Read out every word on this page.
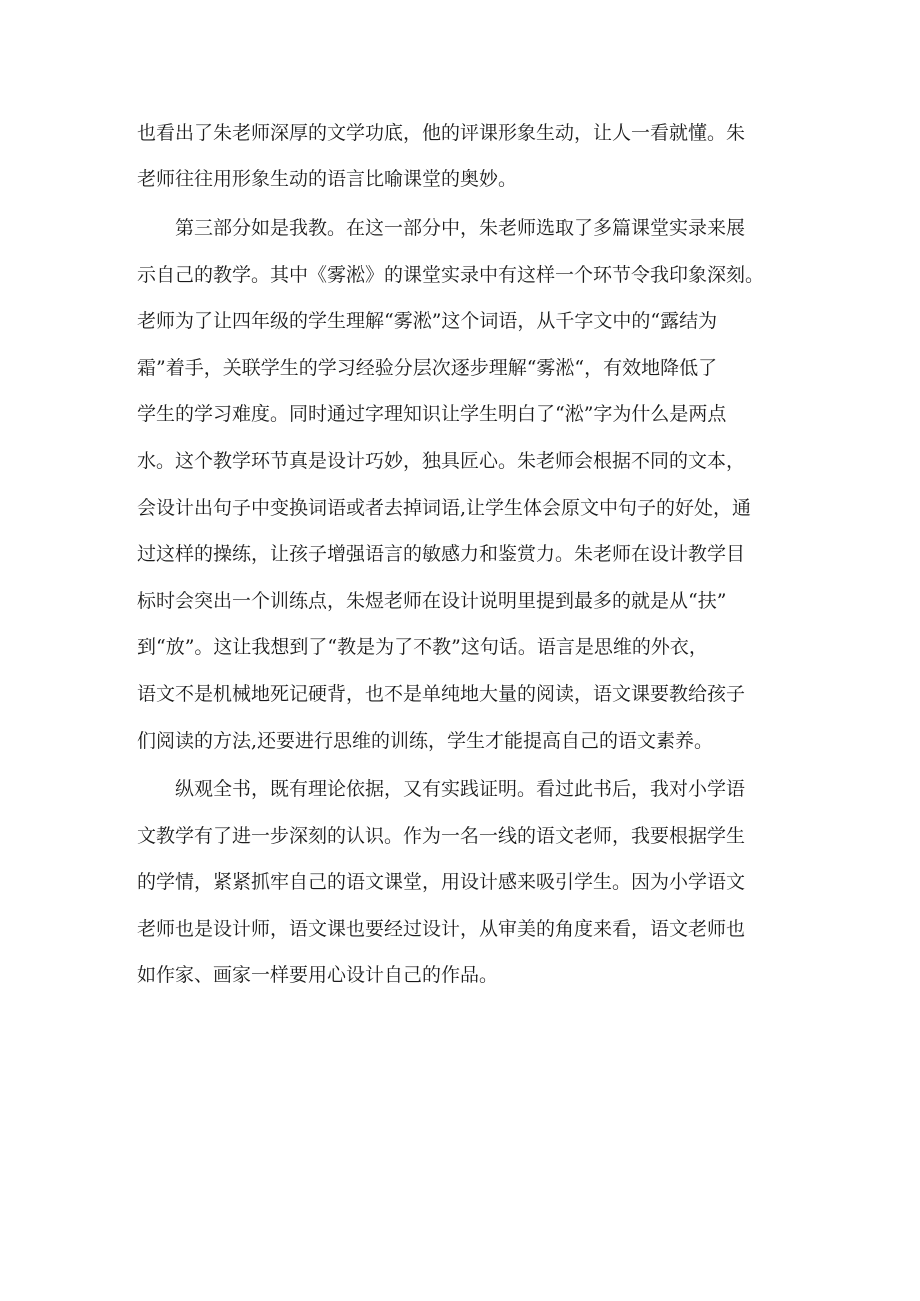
也看出了朱老师深厚的文学功底，他的评课形象生动，让人一看就懂。朱
老师往往用形象生动的语言比喻课堂的奥妙。
第三部分如是我教。在这一部分中，朱老师选取了多篇课堂实录来展
示自己的教学。其中《雾淞》的课堂实录中有这样一个环节令我印象深刻。
老师为了让四年级的学生理解“雾淞”这个词语，从千字文中的“露结为
霜”着手，关联学生的学习经验分层次逐步理解“雾淞“，有效地降低了
学生的学习难度。同时通过字理知识让学生明白了“淞”字为什么是两点
水。这个教学环节真是设计巧妙，独具匠心。朱老师会根据不同的文本，
会设计出句子中变换词语或者去掉词语,让学生体会原文中句子的好处，通
过这样的操练，让孩子增强语言的敏感力和鉴赏力。朱老师在设计教学目
标时会突出一个训练点，朱煜老师在设计说明里提到最多的就是从“扶”
到“放”。这让我想到了“教是为了不教”这句话。语言是思维的外衣，
语文不是机械地死记硬背，也不是单纯地大量的阅读，语文课要教给孩子
们阅读的方法,还要进行思维的训练，学生才能提高自己的语文素养。
纵观全书，既有理论依据，又有实践证明。看过此书后，我对小学语
文教学有了进一步深刻的认识。作为一名一线的语文老师，我要根据学生
的学情，紧紧抓牢自己的语文课堂，用设计感来吸引学生。因为小学语文
老师也是设计师，语文课也要经过设计，从审美的角度来看，语文老师也
如作家、画家一样要用心设计自己的作品。
